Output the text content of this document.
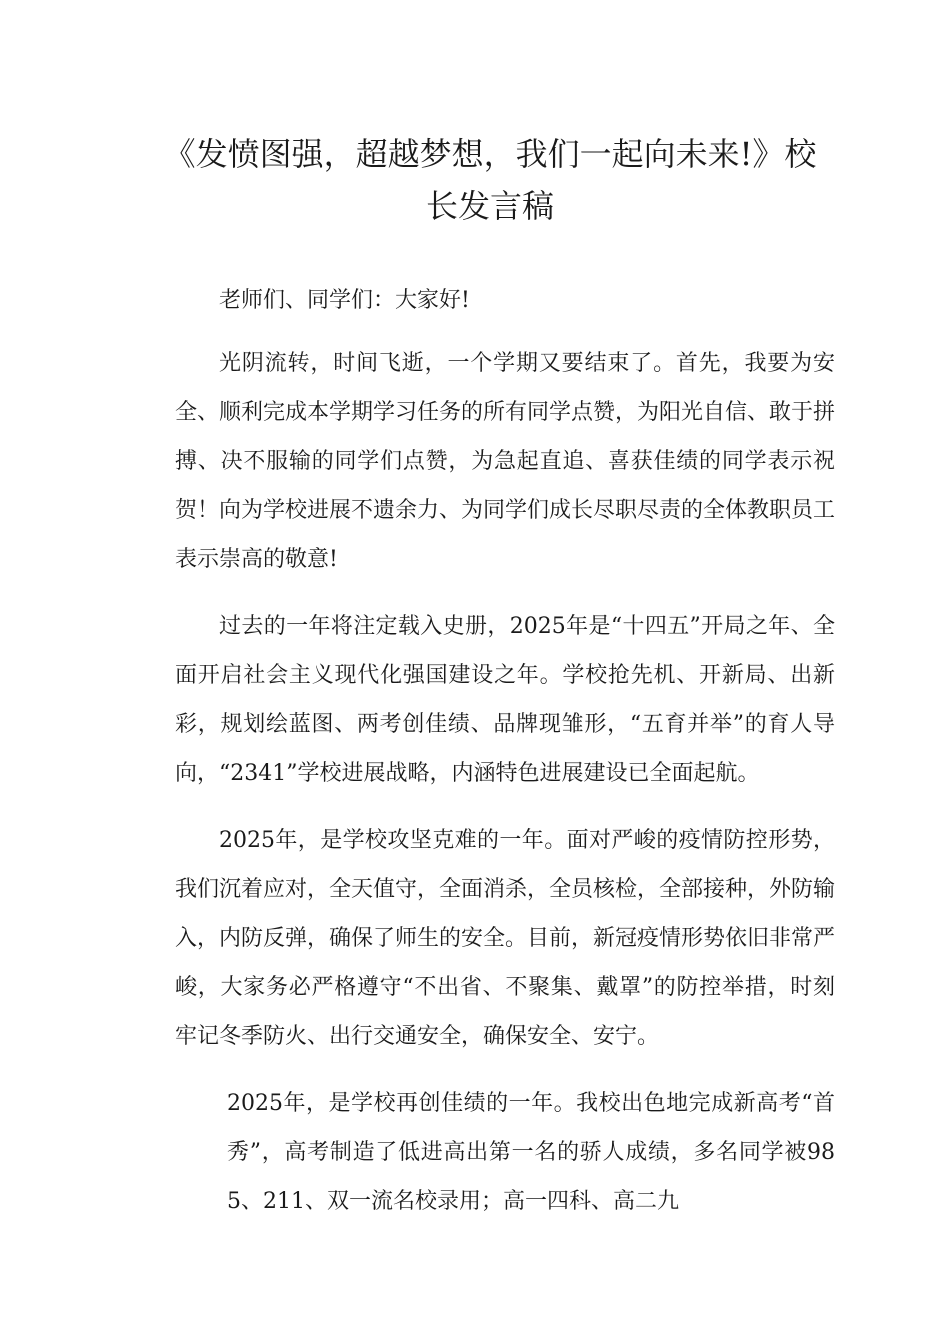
《发愤图强，超越梦想，我们一起向未来!》校
长发言稿

老师们、同学们：大家好!

光阴流转，时间飞逝，一个学期又要结束了。首先，我要为安全、顺利完成本学期学习任务的所有同学点赞，为阳光自信、敢于拼搏、决不服输的同学们点赞，为急起直追、喜获佳绩的同学表示祝贺！向为学校进展不遗余力、为同学们成长尽职尽责的全体教职员工表示崇高的敬意!

过去的一年将注定载入史册，2025年是“十四五”开局之年、全面开启社会主义现代化强国建设之年。学校抢先机、开新局、出新彩，规划绘蓝图、两考创佳绩、品牌现雏形，“五育并举”的育人导向，“2341”学校进展战略，内涵特色进展建设已全面起航。

2025年，是学校攻坚克难的一年。面对严峻的疫情防控形势，我们沉着应对，全天值守，全面消杀，全员核检，全部接种，外防输入，内防反弹，确保了师生的安全。目前，新冠疫情形势依旧非常严峻，大家务必严格遵守“不出省、不聚集、戴罩”的防控举措，时刻牢记冬季防火、出行交通安全，确保安全、安宁。

2025年，是学校再创佳绩的一年。我校出色地完成新高考“首秀”，高考制造了低进高出第一名的骄人成绩，多名同学被985、211、双一流名校录用；高一四科、高二九
